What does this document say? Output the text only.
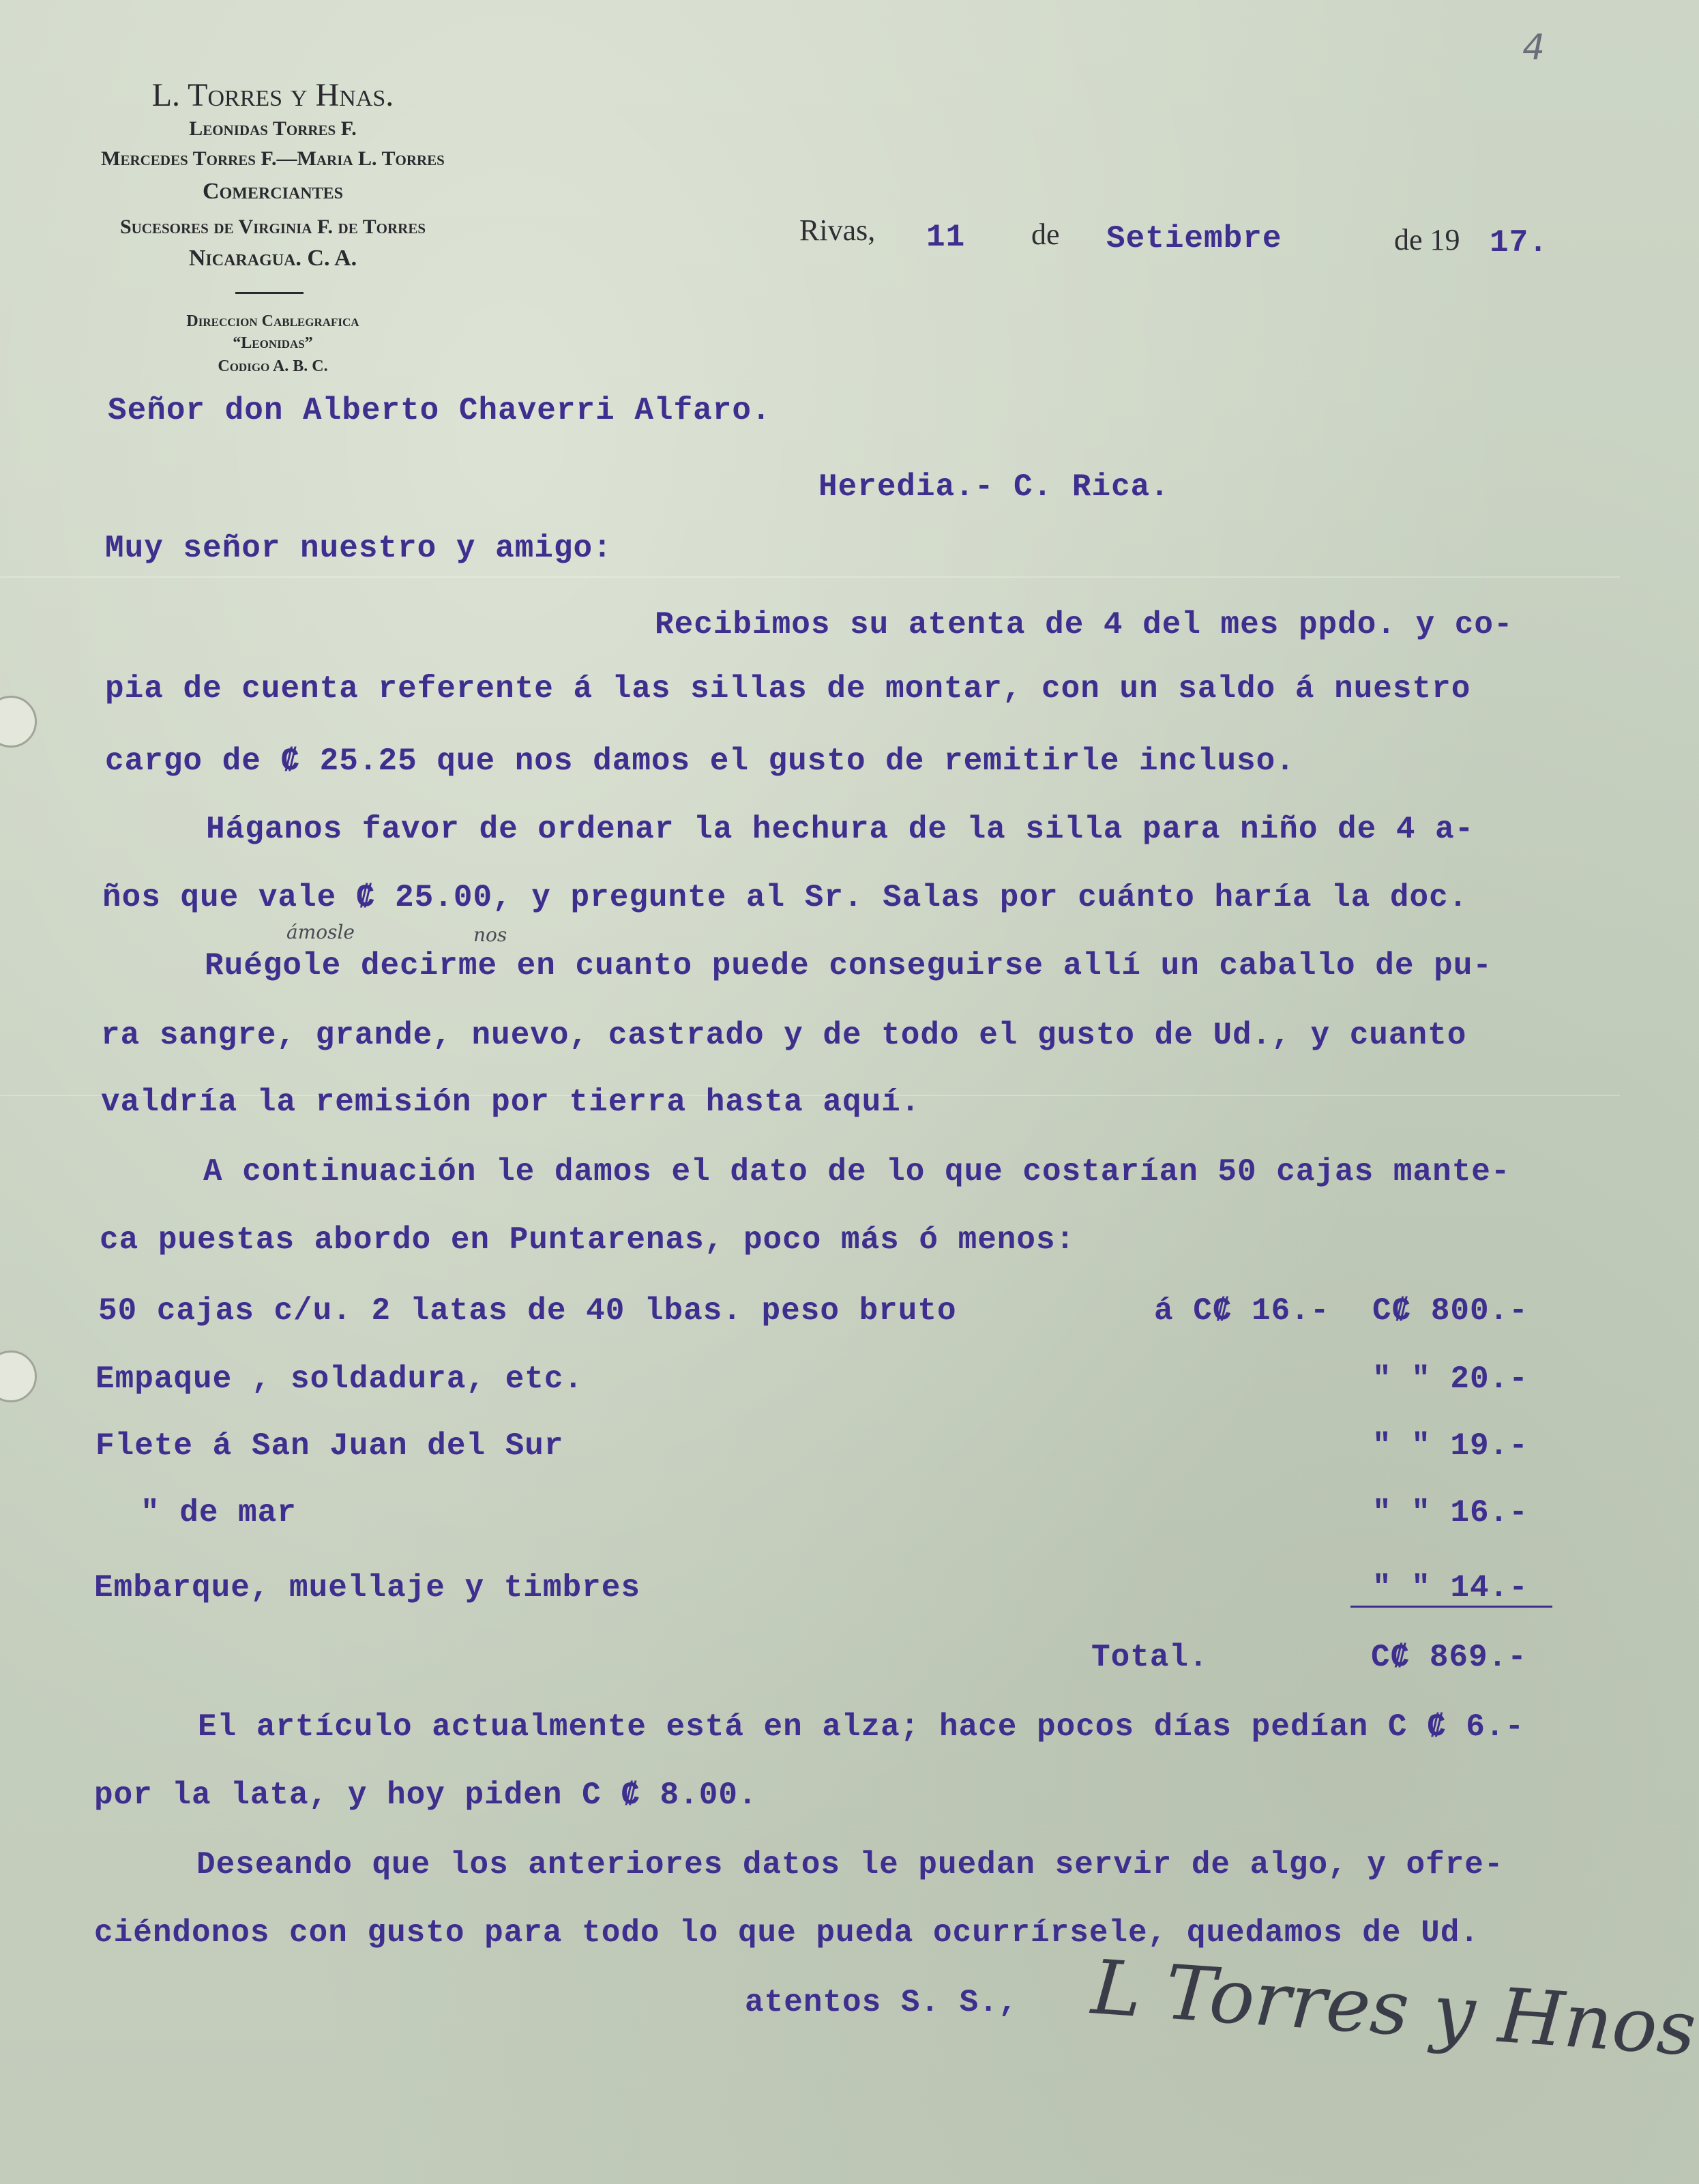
4
L. Torres y Hnas.
Leonidas Torres F.
Mercedes Torres F.—Maria L. Torres
Comerciantes
Sucesores de Virginia F. de Torres
Nicaragua. C. A.
Direccion Cablegrafica
“Leonidas”
Codigo A. B. C.
Rivas, 11 de Setiembre	de 19 17.
Señor don Alberto Chaverri Alfaro.
Heredia.- C. Rica.
Muy señor nuestro y amigo:
Recibimos su atenta de 4 del mes ppdo. y co-
pia de cuenta referente á las sillas de montar, con un saldo á nuestro
cargo de ₡ 25.25 que nos damos el gusto de remitirle incluso.
Háganos favor de ordenar la hechura de la silla para niño de 4 a-
ños que vale ₡ 25.00, y pregunte al Sr. Salas por cuánto haría la doc.
ámosle	nos
Ruégole decirme en cuanto puede conseguirse allí un caballo de pu-
ra sangre, grande, nuevo, castrado y de todo el gusto de Ud., y cuanto
valdría la remisión por tierra hasta aquí.
A continuación le damos el dato de lo que costarían 50 cajas mante-
ca puestas abordo en Puntarenas, poco más ó menos:
50 cajas c/u. 2 latas de 40 lbas. peso bruto	á C₡ 16.- C₡ 800.-
Empaque , soldadura, etc.	" " 20.-
Flete á San Juan del Sur	" " 19.-
" de mar	" " 16.-
Embarque, muellaje y timbres	" " 14.-
Total.	C₡ 869.-
El artículo actualmente está en alza; hace pocos días pedían C ₡ 6.-
por la lata, y hoy piden C ₡ 8.00.
Deseando que los anteriores datos le puedan servir de algo, y ofre-
ciéndonos con gusto para todo lo que pueda ocurrírsele, quedamos de Ud.
atentos S. S., L Torres y Hnos
